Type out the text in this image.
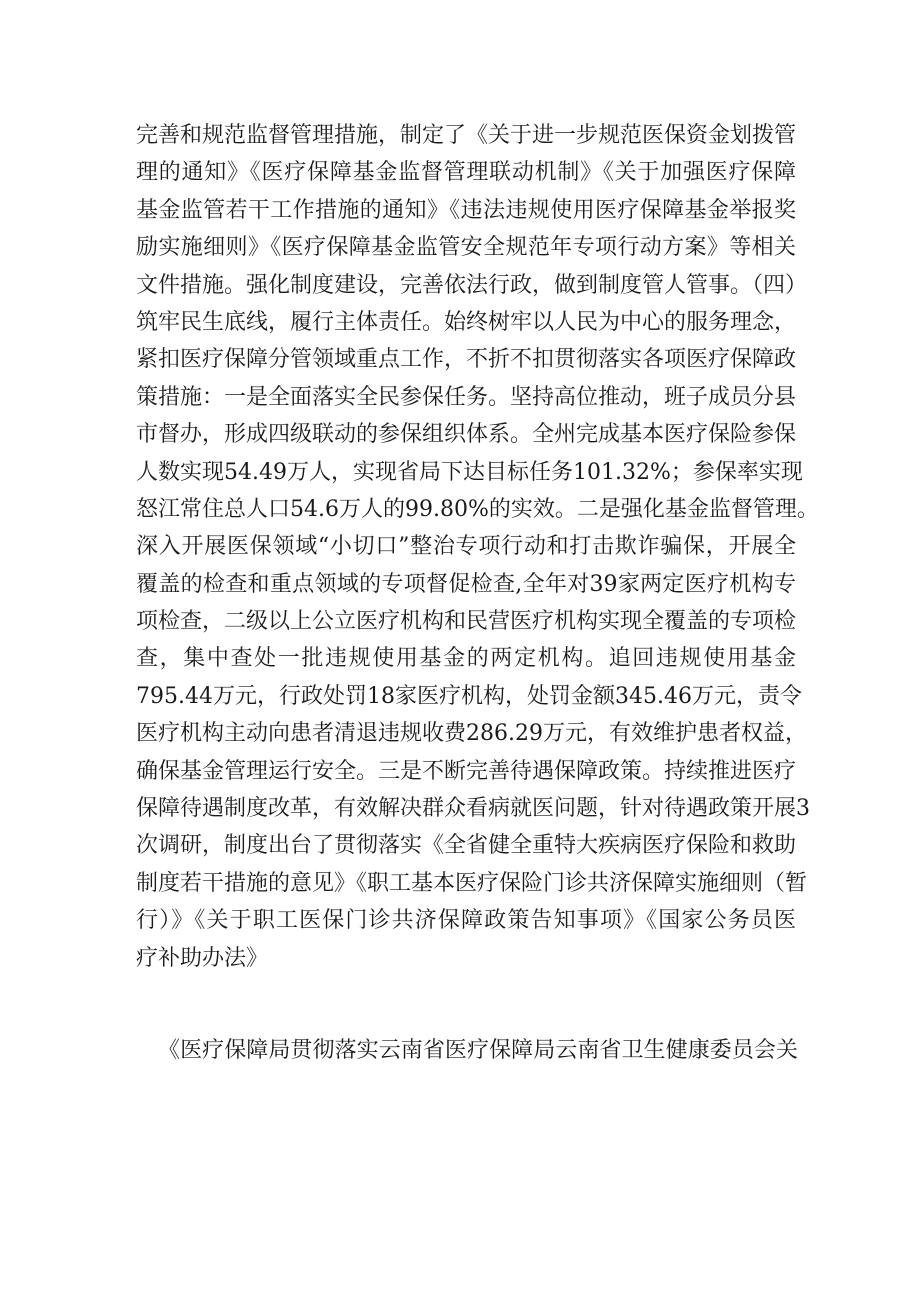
完善和规范监督管理措施，制定了《关于进一步规范医保资金划拨管
理的通知》《医疗保障基金监督管理联动机制》《关于加强医疗保障
基金监管若干工作措施的通知》《违法违规使用医疗保障基金举报奖
励实施细则》《医疗保障基金监管安全规范年专项行动方案》等相关
文件措施。强化制度建设，完善依法行政，做到制度管人管事。（四）
筑牢民生底线，履行主体责任。始终树牢以人民为中心的服务理念，
紧扣医疗保障分管领域重点工作，不折不扣贯彻落实各项医疗保障政
策措施：一是全面落实全民参保任务。坚持高位推动，班子成员分县
市督办，形成四级联动的参保组织体系。全州完成基本医疗保险参保
人数实现54.49万人，实现省局下达目标任务101.32%；参保率实现
怒江常住总人口54.6万人的99.80%的实效。二是强化基金监督管理。
深入开展医保领域“小切口”整治专项行动和打击欺诈骗保，开展全
覆盖的检查和重点领域的专项督促检查,全年对39家两定医疗机构专
项检查，二级以上公立医疗机构和民营医疗机构实现全覆盖的专项检
查，集中查处一批违规使用基金的两定机构。追回违规使用基金
795.44万元，行政处罚18家医疗机构，处罚金额345.46万元，责令
医疗机构主动向患者清退违规收费286.29万元，有效维护患者权益，
确保基金管理运行安全。三是不断完善待遇保障政策。持续推进医疗
保障待遇制度改革，有效解决群众看病就医问题，针对待遇政策开展3
次调研，制度出台了贯彻落实《全省健全重特大疾病医疗保险和救助
制度若干措施的意见》《职工基本医疗保险门诊共济保障实施细则（暂
行）》《关于职工医保门诊共济保障政策告知事项》《国家公务员医
疗补助办法》
《医疗保障局贯彻落实云南省医疗保障局云南省卫生健康委员会关
